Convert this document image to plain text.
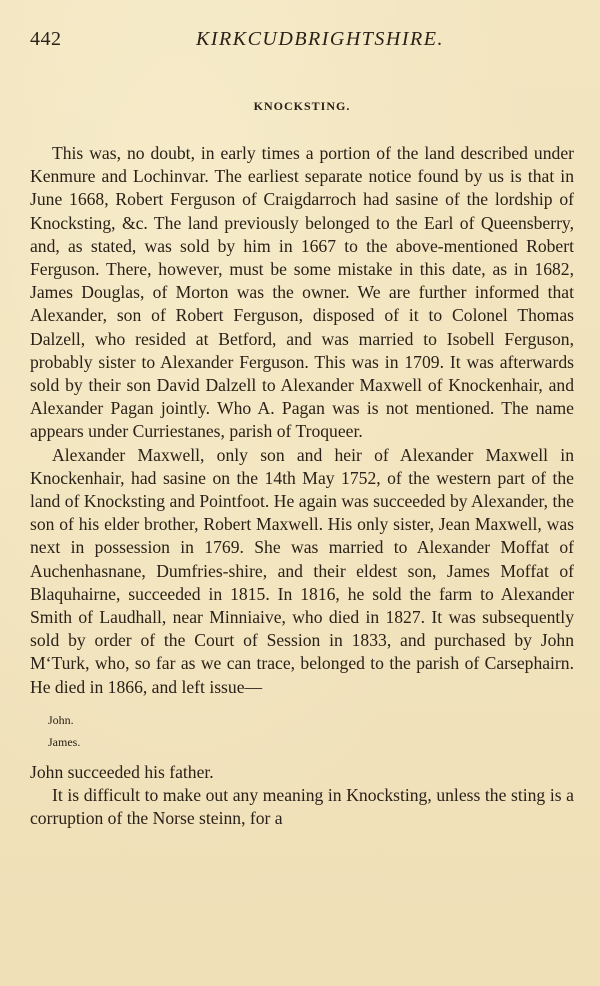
442	KIRKCUDBRIGHTSHIRE.
KNOCKSTING.

This was, no doubt, in early times a portion of the land described under Kenmure and Lochinvar. The earliest separate notice found by us is that in June 1668, Robert Ferguson of Craigdarroch had sasine of the lordship of Knocksting, &c. The land previously belonged to the Earl of Queensberry, and, as stated, was sold by him in 1667 to the above-mentioned Robert Ferguson. There, however, must be some mistake in this date, as in 1682, James Douglas, of Morton was the owner. We are further informed that Alexander, son of Robert Ferguson, disposed of it to Colonel Thomas Dalzell, who resided at Betford, and was married to Isobell Ferguson, probably sister to Alexander Ferguson. This was in 1709. It was afterwards sold by their son David Dalzell to Alexander Maxwell of Knockenhair, and Alexander Pagan jointly. Who A. Pagan was is not mentioned. The name appears under Curriestanes, parish of Troqueer.

Alexander Maxwell, only son and heir of Alexander Maxwell in Knockenhair, had sasine on the 14th May 1752, of the western part of the land of Knocksting and Pointfoot. He again was succeeded by Alexander, the son of his elder brother, Robert Maxwell. His only sister, Jean Maxwell, was next in possession in 1769. She was married to Alexander Moffat of Auchenhasnane, Dumfries-shire, and their eldest son, James Moffat of Blaquhairne, succeeded in 1815. In 1816, he sold the farm to Alexander Smith of Laudhall, near Minniaive, who died in 1827. It was subsequently sold by order of the Court of Session in 1833, and purchased by John M‘Turk, who, so far as we can trace, belonged to the parish of Carsephairn. He died in 1866, and left issue—

John.
James.

John succeeded his father.

It is difficult to make out any meaning in Knocksting, unless the sting is a corruption of the Norse steinn, for a
